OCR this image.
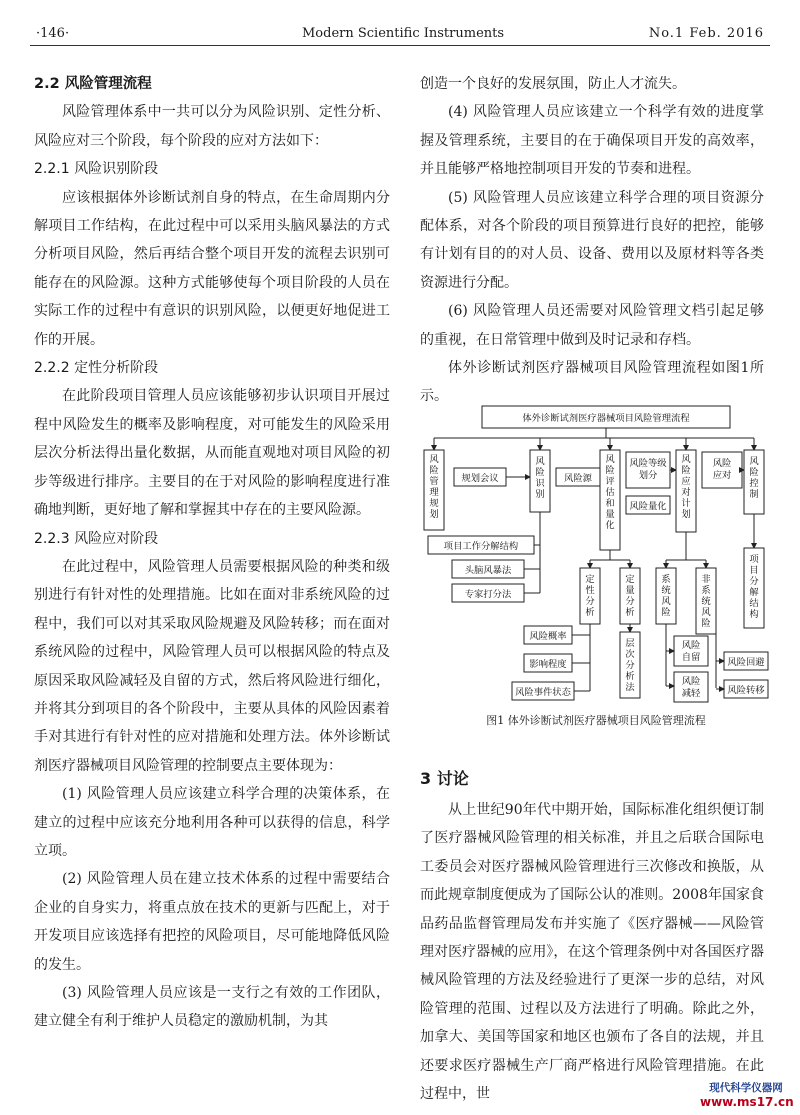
·146·	Modern Scientific Instruments	No.1 Feb. 2016
2.2 风险管理流程

风险管理体系中一共可以分为风险识别、定性分析、风险应对三个阶段，每个阶段的应对方法如下：

2.2.1 风险识别阶段

应该根据体外诊断试剂自身的特点，在生命周期内分解项目工作结构，在此过程中可以采用头脑风暴法的方式分析项目风险，然后再结合整个项目开发的流程去识别可能存在的风险源。这种方式能够使每个项目阶段的人员在实际工作的过程中有意识的识别风险，以便更好地促进工作的开展。

2.2.2 定性分析阶段

在此阶段项目管理人员应该能够初步认识项目开展过程中风险发生的概率及影响程度，对可能发生的风险采用层次分析法得出量化数据，从而能直观地对项目风险的初步等级进行排序。主要目的在于对风险的影响程度进行准确地判断，更好地了解和掌握其中存在的主要风险源。

2.2.3 风险应对阶段

在此过程中，风险管理人员需要根据风险的种类和级别进行有针对性的处理措施。比如在面对非系统风险的过程中，我们可以对其采取风险规避及风险转移；而在面对系统风险的过程中，风险管理人员可以根据风险的特点及原因采取风险减轻及自留的方式，然后将风险进行细化，并将其分到项目的各个阶段中，主要从具体的风险因素着手对其进行有针对性的应对措施和处理方法。体外诊断试剂医疗器械项目风险管理的控制要点主要体现为：

(1) 风险管理人员应该建立科学合理的决策体系，在建立的过程中应该充分地利用各种可以获得的信息，科学立项。

(2) 风险管理人员在建立技术体系的过程中需要结合企业的自身实力，将重点放在技术的更新与匹配上，对于开发项目应该选择有把控的风险项目，尽可能地降低风险的发生。

(3) 风险管理人员应该是一支行之有效的工作团队，建立健全有利于维护人员稳定的激励机制，为其

创造一个良好的发展氛围，防止人才流失。

(4) 风险管理人员应该建立一个科学有效的进度掌握及管理系统，主要目的在于确保项目开发的高效率，并且能够严格地控制项目开发的节奏和进程。

(5) 风险管理人员应该建立科学合理的项目资源分配体系，对各个阶段的项目预算进行良好的把控，能够有计划有目的的对人员、设备、费用以及原材料等各类资源进行分配。

(6) 风险管理人员还需要对风险管理文档引起足够的重视，在日常管理中做到及时记录和存档。

体外诊断试剂医疗器械项目风险管理流程如图1所示。

体外诊断试剂医疗器械项目风险管理流程
风险管理规划
规划会议
风险识别
风险源
风险评估和量化
风险等级划分
风险量化
风险应对计划
风险应对
风险控制
项目工作分解结构
头脑风暴法
专家打分法
定性分析
定量分析
风险概率
影响程度
风险事件状态
层次分析法
系统风险
非系统风险
风险自留
风险减轻
风险回避
风险转移
项目分解结构
图1 体外诊断试剂医疗器械项目风险管理流程
3 讨论

从上世纪90年代中期开始，国际标准化组织便订制了医疗器械风险管理的相关标准，并且之后联合国际电工委员会对医疗器械风险管理进行三次修改和换版，从而此规章制度便成为了国际公认的准则。2008年国家食品药品监督管理局发布并实施了《医疗器械——风险管理对医疗器械的应用》，在这个管理条例中对各国医疗器械风险管理的方法及经验进行了更深一步的总结，对风险管理的范围、过程以及方法进行了明确。除此之外，加拿大、美国等国家和地区也颁布了各自的法规，并且还要求医疗器械生产厂商严格进行风险管理措施。在此过程中，世	现代科学仪器网
www.ms17.cn
